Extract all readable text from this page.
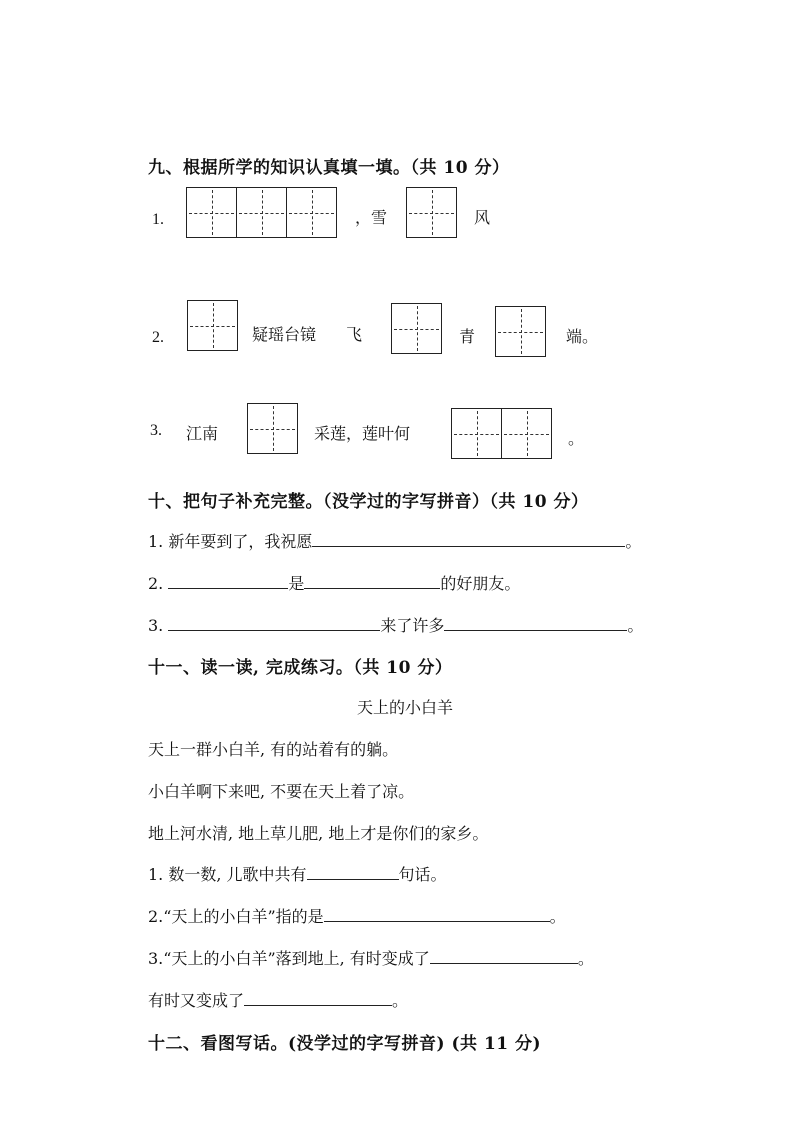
九、根据所学的知识认真填一填。（共 10 分）
1.	，雪	风
2.	疑瑶台镜 飞	青	端。
3. 江南	采莲，莲叶何	。
十、把句子补充完整。（没学过的字写拼音）（共 10 分）
1. 新年要到了，我祝愿	。
2.	是	的好朋友。
3.	来了许多	。
十一、读一读, 完成练习。（共 10 分）
天上的小白羊
天上一群小白羊, 有的站着有的躺。
小白羊啊下来吧, 不要在天上着了凉。
地上河水清, 地上草儿肥, 地上才是你们的家乡。
1. 数一数, 儿歌中共有	句话。
2.“天上的小白羊”指的是	。
3.“天上的小白羊”落到地上, 有时变成了	。
有时又变成了	。
十二、看图写话。(没学过的字写拼音) (共 11 分)
